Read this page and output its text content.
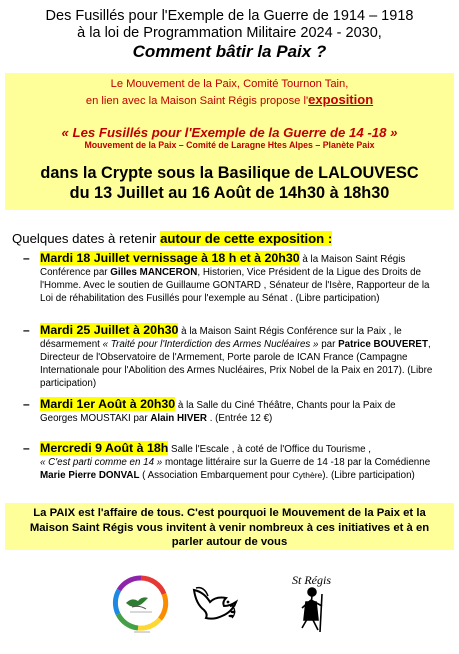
Des Fusillés pour l'Exemple de la Guerre de 1914 – 1918
à la loi de Programmation Militaire 2024 - 2030,
Comment bâtir la Paix ?
Le Mouvement de la Paix, Comité Tournon Tain,
en lien avec la Maison Saint Régis propose l'exposition
« Les Fusillés pour l'Exemple de la Guerre de 14 -18 »
Mouvement de la Paix – Comité de Laragne Htes Alpes – Planète Paix
dans la Crypte sous la Basilique de LALOUVESC
du 13 Juillet au 16 Août de 14h30 à 18h30
Quelques dates à retenir autour de cette exposition :
– Mardi 18 Juillet vernissage à 18 h et à 20h30 à la Maison Saint Régis Conférence par Gilles MANCERON, Historien, Vice Président de la Ligue des Droits de l'Homme. Avec le soutien de Guillaume GONTARD , Sénateur de l'Isère, Rapporteur de la Loi de réhabilitation des Fusillés pour l'exemple au Sénat . (Libre participation)
– Mardi 25 Juillet à 20h30 à la Maison Saint Régis Conférence sur la Paix , le désarmement « Traité pour l'Interdiction des Armes Nucléaires » par Patrice BOUVERET, Directeur de l'Observatoire de l'Armement, Porte parole de ICAN France (Campagne Internationale pour l'Abolition des Armes Nucléaires, Prix Nobel de la Paix en 2017). (Libre participation)
– Mardi 1er Août à 20h30 à la Salle du Ciné Théâtre, Chants pour la Paix de Georges MOUSTAKI par Alain HIVER . (Entrée 12 €)
– Mercredi 9 Août à 18h Salle l'Escale , à coté de l'Office du Tourisme ,
« C'est parti comme en 14 » montage littéraire sur la Guerre de 14 -18 par la Comédienne Marie Pierre DONVAL ( Association Embarquement pour Cythère). (Libre participation)
La PAIX est l'affaire de tous. C'est pourquoi le Mouvement de la Paix et la
Maison Saint Régis vous invitent à venir nombreux à ces initiatives et à en
parler autour de vous
St Régis
